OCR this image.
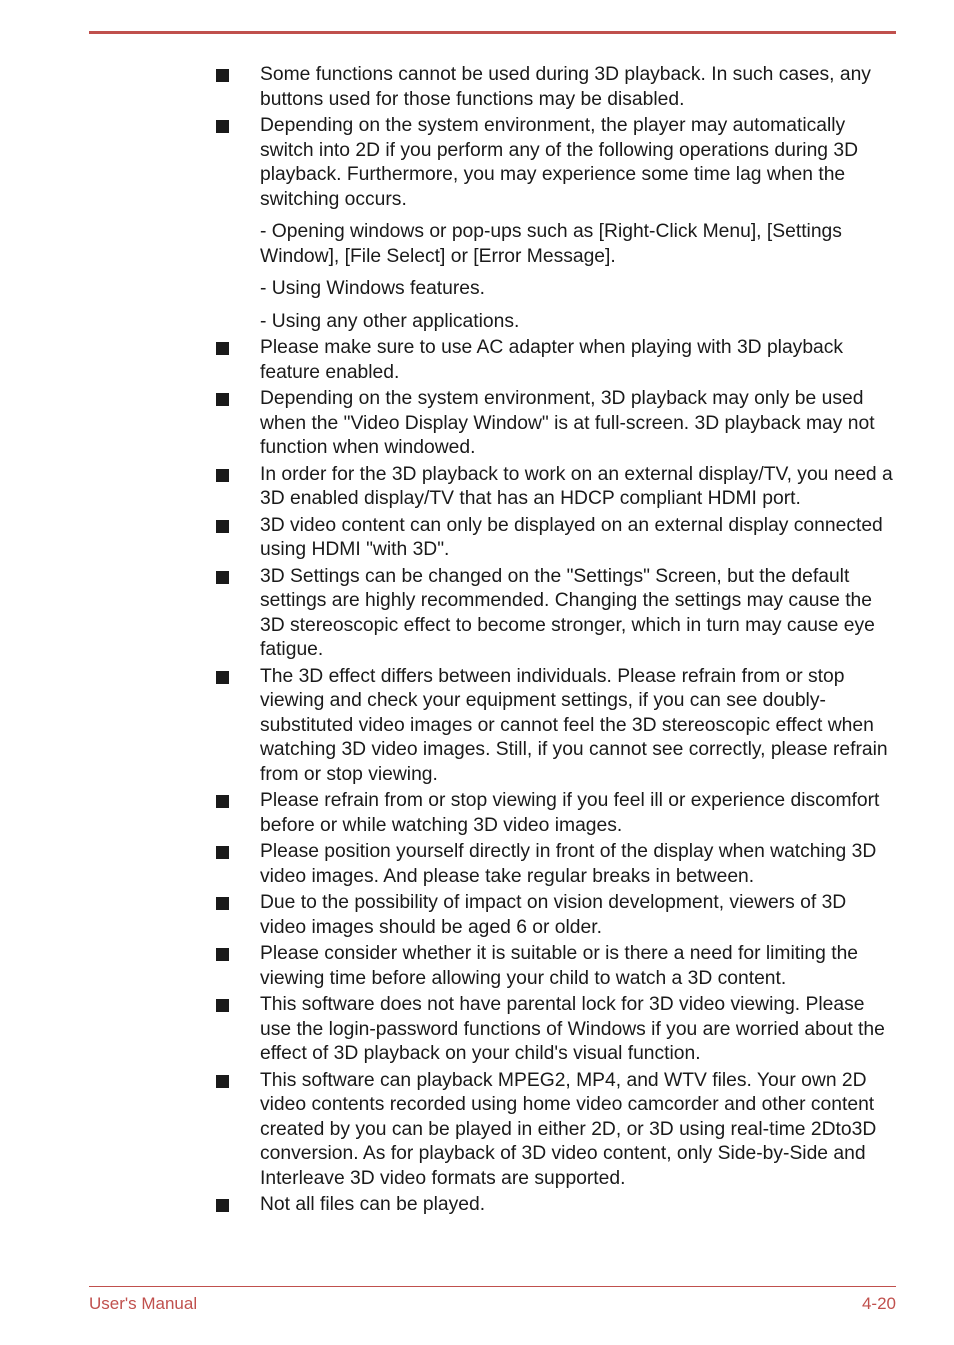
Some functions cannot be used during 3D playback. In such cases, any buttons used for those functions may be disabled.
Depending on the system environment, the player may automatically switch into 2D if you perform any of the following operations during 3D playback. Furthermore, you may experience some time lag when the switching occurs.
- Opening windows or pop-ups such as [Right-Click Menu], [Settings Window], [File Select] or [Error Message].
- Using Windows features.
- Using any other applications.
Please make sure to use AC adapter when playing with 3D playback feature enabled.
Depending on the system environment, 3D playback may only be used when the "Video Display Window" is at full-screen. 3D playback may not function when windowed.
In order for the 3D playback to work on an external display/TV, you need a 3D enabled display/TV that has an HDCP compliant HDMI port.
3D video content can only be displayed on an external display connected using HDMI "with 3D".
3D Settings can be changed on the "Settings" Screen, but the default settings are highly recommended. Changing the settings may cause the 3D stereoscopic effect to become stronger, which in turn may cause eye fatigue.
The 3D effect differs between individuals. Please refrain from or stop viewing and check your equipment settings, if you can see doubly-substituted video images or cannot feel the 3D stereoscopic effect when watching 3D video images. Still, if you cannot see correctly, please refrain from or stop viewing.
Please refrain from or stop viewing if you feel ill or experience discomfort before or while watching 3D video images.
Please position yourself directly in front of the display when watching 3D video images. And please take regular breaks in between.
Due to the possibility of impact on vision development, viewers of 3D video images should be aged 6 or older.
Please consider whether it is suitable or is there a need for limiting the viewing time before allowing your child to watch a 3D content.
This software does not have parental lock for 3D video viewing. Please use the login-password functions of Windows if you are worried about the effect of 3D playback on your child's visual function.
This software can playback MPEG2, MP4, and WTV files. Your own 2D video contents recorded using home video camcorder and other content created by you can be played in either 2D, or 3D using real-time 2Dto3D conversion. As for playback of 3D video content, only Side-by-Side and Interleave 3D video formats are supported.
Not all files can be played.
User's Manual	4-20
